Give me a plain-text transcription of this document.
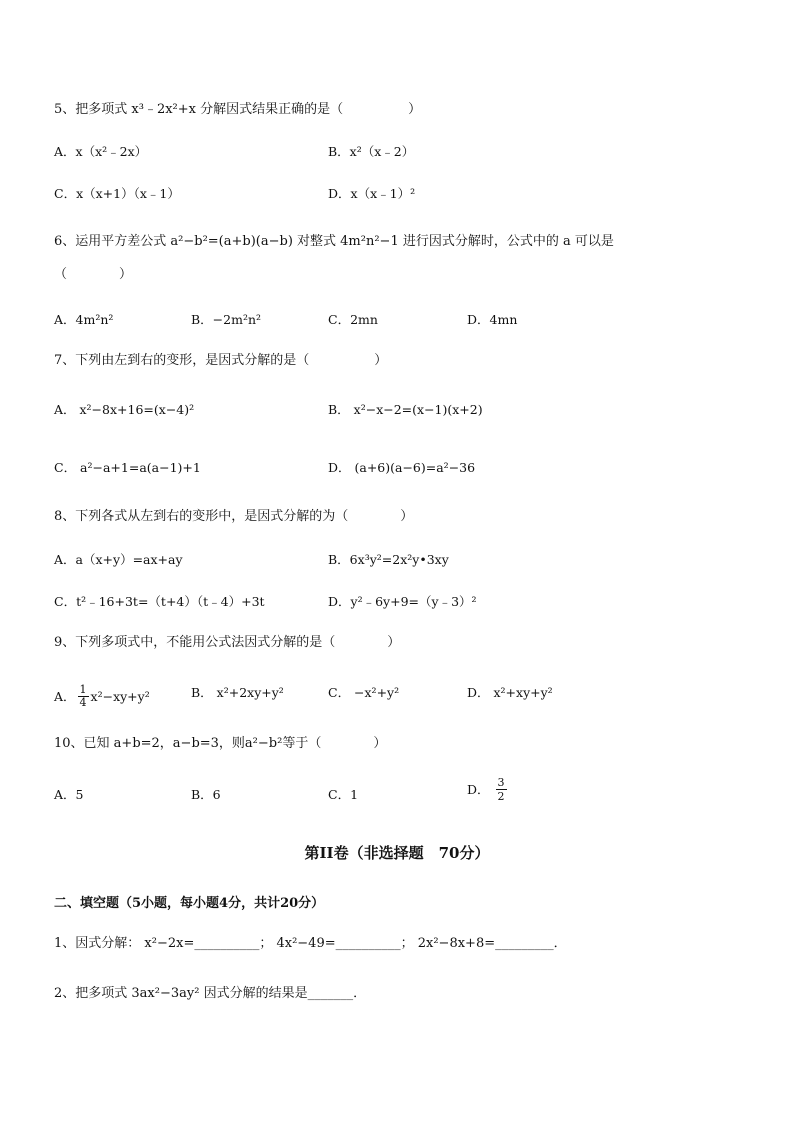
5、把多项式 x³﹣2x²+x 分解因式结果正确的是（　　　　　）
A．x（x²﹣2x）	B．x²（x﹣2）
C．x（x+1）（x﹣1）	D．x（x﹣1）²
6、运用平方差公式 a²−b²=(a+b)(a−b) 对整式 4m²n²−1 进行因式分解时，公式中的 a 可以是
（　　　　）
A．4m²n²	B．−2m²n²	C．2mn	D．4mn
7、下列由左到右的变形，是因式分解的是（　　　　　）
A． x²−8x+16=(x−4)²	B． x²−x−2=(x−1)(x+2)
C． a²−a+1=a(a−1)+1	D． (a+6)(a−6)=a²−36
8、下列各式从左到右的变形中，是因式分解的为（　　　　）
A．a（x+y）=ax+ay	B．6x³y²=2x²y•3xy
C．t²﹣16+3t=（t+4）（t﹣4）+3t	D．y²﹣6y+9=（y﹣3）²
9、下列多项式中，不能用公式法因式分解的是（　　　　）
A． $\frac{1}{4} x^2-xy+y^2$	B． x²+2xy+y²	C． −x²+y²	D． x²+xy+y²
10、已知 a+b=2，a−b=3，则a²−b²等于（　　　　）
A．5	B．6	C．1	D． $\frac{3}{2}$
第II卷（非选择题　70分）
二、填空题（5小题，每小题4分，共计20分）
1、因式分解： x²−2x=__________； 4x²−49=__________； 2x²−8x+8=_________．
2、把多项式 3ax²−3ay² 因式分解的结果是_______．
